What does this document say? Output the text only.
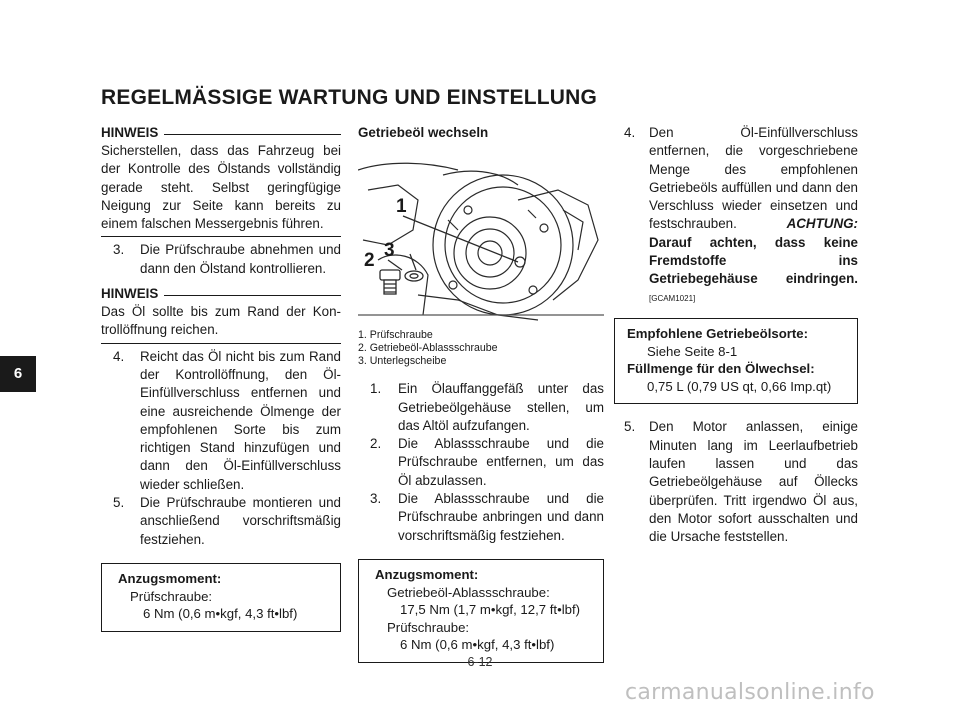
REGELMÄSSIGE WARTUNG UND EINSTELLUNG
6
HINWEIS
Sicherstellen, dass das Fahrzeug bei der Kontrolle des Ölstands vollständig gerade steht. Selbst geringfügige Neigung zur Seite kann bereits zu einem falschen Messergebnis führen.
3.	Die Prüfschraube abnehmen und dann den Ölstand kontrollieren.
HINWEIS
Das Öl sollte bis zum Rand der Kontrollöffnung reichen.
4.	Reicht das Öl nicht bis zum Rand der Kontrollöffnung, den Öl-Einfüllverschluss entfernen und eine ausreichende Ölmenge der empfohlenen Sorte bis zum richtigen Stand hinzufügen und dann den Öl-Einfüllverschluss wieder schließen.
5.	Die Prüfschraube montieren und anschließend vorschriftsmäßig festziehen.
Anzugsmoment:
Prüfschraube:
6 Nm (0,6 m•kgf, 4,3 ft•lbf)
Getriebeöl wechseln
1
2 3
1. Prüfschraube
2. Getriebeöl-Ablassschraube
3. Unterlegscheibe
1.	Ein Ölauffanggefäß unter das Getriebeölgehäuse stellen, um das Altöl aufzufangen.
2.	Die Ablassschraube und die Prüfschraube entfernen, um das Öl abzulassen.
3.	Die Ablassschraube und die Prüfschraube anbringen und dann vorschriftsmäßig festziehen.
Anzugsmoment:
Getriebeöl-Ablassschraube:
17,5 Nm (1,7 m•kgf, 12,7 ft•lbf)
Prüfschraube:
6 Nm (0,6 m•kgf, 4,3 ft•lbf)
4.	Den Öl-Einfüllverschluss entfernen, die vorgeschriebene Menge des empfohlenen Getriebeöls auffüllen und dann den Verschluss wieder einsetzen und festschrauben.	ACHTUNG: Darauf achten, dass keine Fremdstoffe ins Getriebegehäuse eindringen. [GCAM1021]
Empfohlene Getriebeölsorte:
Siehe Seite 8-1
Füllmenge für den Ölwechsel:
0,75 L (0,79 US qt, 0,66 Imp.qt)
5.	Den Motor anlassen, einige Minuten lang im Leerlaufbetrieb laufen lassen und das Getriebeölgehäuse auf Öllecks überprüfen. Tritt irgendwo Öl aus, den Motor sofort ausschalten und die Ursache feststellen.
6-12
carmanualsonline.info
